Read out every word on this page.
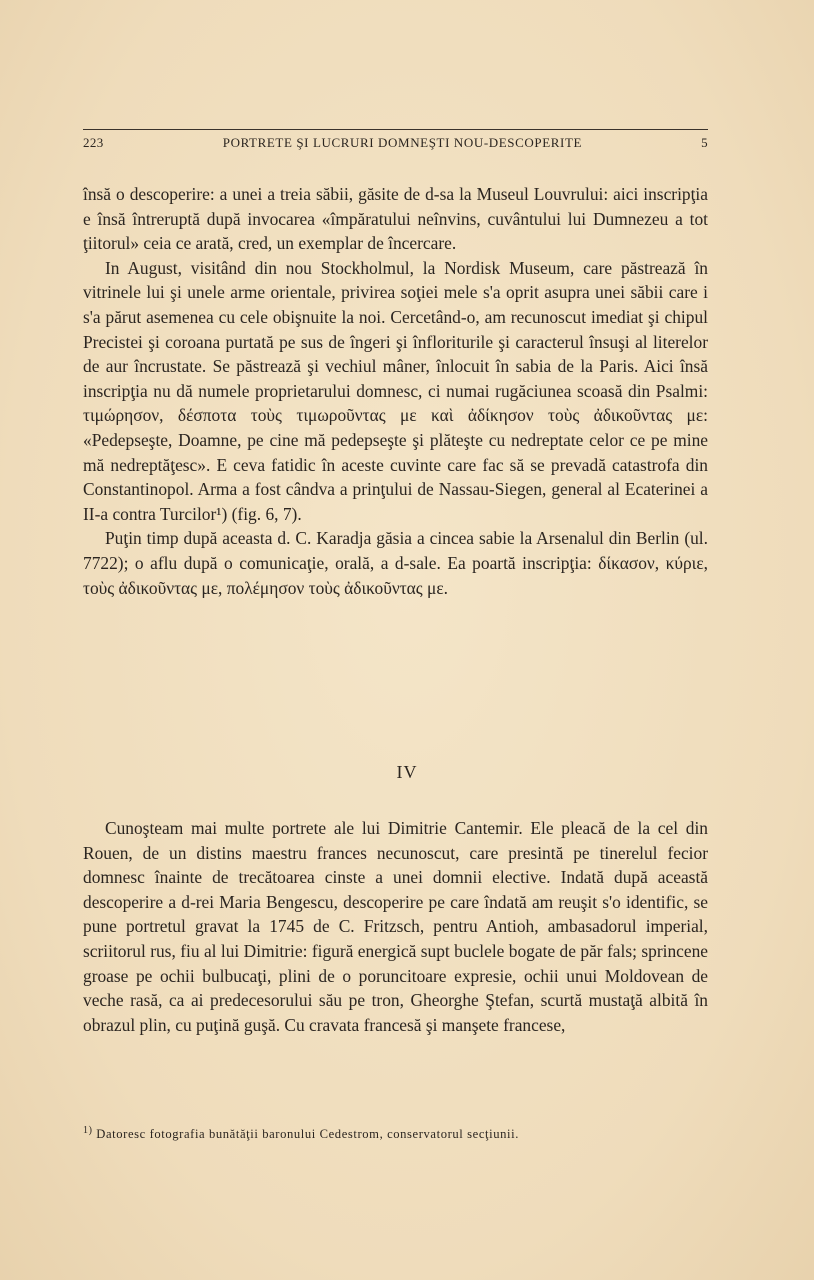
223	PORTRETE ŞI LUCRURI DOMNEŞTI NOU-DESCOPERITE	5

însă o descoperire: a unei a treia săbii, găsite de d-sa la Museul Louvrului: aici inscripţia e însă întreruptă după invocarea «împăratului neînvins, cuvântului lui Dumnezeu a tot ţiitorul» ceia ce arată, cred, un exemplar de încercare.

In August, visitând din nou Stockholmul, la Nordisk Museum, care păstrează în vitrinele lui şi unele arme orientale, privirea soţiei mele s'a oprit asupra unei săbii care i s'a părut asemenea cu cele obişnuite la noi. Cercetând-o, am recunoscut imediat şi chipul Precistei şi coroana purtată pe sus de îngeri şi înfloriturile şi caracterul însuşi al literelor de aur încrustate. Se păstrează şi vechiul mâner, înlocuit în sabia de la Paris. Aici însă inscripţia nu dă numele proprietarului domnesc, ci numai rugăciunea scoasă din Psalmi: τιμώρησον, δέσποτα τοὺς τιμωροῦντας με καὶ ἀδίκησον τοὺς ἀδικοῦντας με: «Pedepseşte, Doamne, pe cine mă pedepseşte şi plăteşte cu nedreptate celor ce pe mine mă nedreptăţesc». E ceva fatidic în aceste cuvinte care fac să se prevadă catastrofa din Constantinopol. Arma a fost cândva a prinţului de Nassau-Siegen, general al Ecaterinei a II-a contra Turcilor¹) (fig. 6, 7).

Puţin timp după aceasta d. C. Karadja găsia a cincea sabie la Arsenalul din Berlin (ul. 7722); o aflu după o comunicaţie, orală, a d-sale. Ea poartă inscripţia: δίκασον, κύριε, τοὺς ἀδικοῦντας με, πολέμησον τοὺς ἀδικοῦντας με.

IV

Cunoşteam mai multe portrete ale lui Dimitrie Cantemir. Ele pleacă de la cel din Rouen, de un distins maestru frances necunoscut, care presintă pe tinerelul fecior domnesc înainte de trecătoarea cinste a unei domnii elective. Indată după această descoperire a d-rei Maria Bengescu, descoperire pe care îndată am reuşit s'o identific, se pune portretul gravat la 1745 de C. Fritzsch, pentru Antioh, ambasadorul imperial, scriitorul rus, fiu al lui Dimitrie: figură energică supt buclele bogate de păr fals; sprincene groase pe ochii bulbucaţi, plini de o poruncitoare expresie, ochii unui Moldovean de veche rasă, ca ai predecesorului său pe tron, Gheorghe Ştefan, scurtă mustaţă albită în obrazul plin, cu puţină guşă. Cu cravata francesă şi manşete francese,

$^{1)}$ Datoresc fotografia bunătăţii baronului Cedestrom, conservatorul secţiunii.
